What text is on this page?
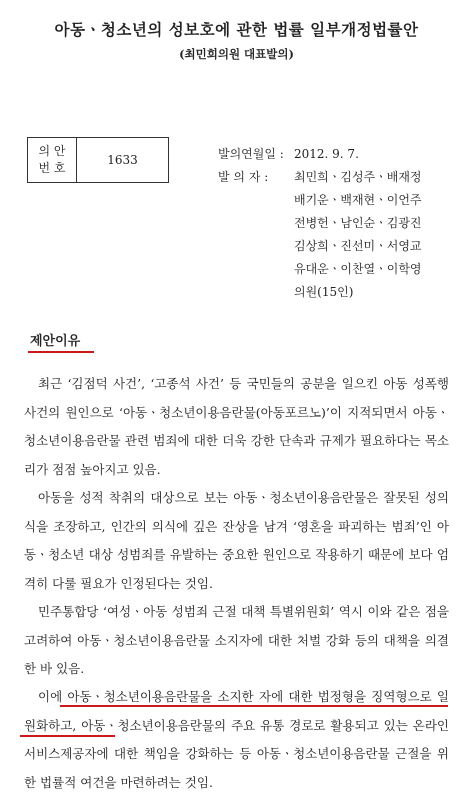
아동ㆍ청소년의 성보호에 관한 법률 일부개정법률안
(최민희의원 대표발의)
의 안
번 호
1633	발의연월일 : 2012. 9. 7.
발 의 자 :	최민희ㆍ김성주ㆍ배재정
배기운ㆍ백재현ㆍ이언주
전병헌ㆍ남인순ㆍ김광진
김상희ㆍ진선미ㆍ서영교
유대운ㆍ이찬열ㆍ이학영
의원(15인)
제안이유
최근 ‘김점덕 사건’, ‘고종석 사건’ 등 국민들의 공분을 일으킨 아동 성폭행 사건의 원인으로 ‘아동ㆍ청소년이용음란물(아동포르노)’이 지적되면서 아동ㆍ청소년이용음란물 관련 범죄에 대한 더욱 강한 단속과 규제가 필요하다는 목소리가 점점 높아지고 있음.
아동을 성적 착취의 대상으로 보는 아동ㆍ청소년이용음란물은 잘못된 성의식을 조장하고, 인간의 의식에 깊은 잔상을 남겨 ‘영혼을 파괴하는 범죄’인 아동ㆍ청소년 대상 성범죄를 유발하는 중요한 원인으로 작용하기 때문에 보다 엄격히 다룰 필요가 인정된다는 것임.
민주통합당 ‘여성ㆍ아동 성범죄 근절 대책 특별위원회’ 역시 이와 같은 점을 고려하여 아동ㆍ청소년이용음란물 소지자에 대한 처벌 강화 등의 대책을 의결한 바 있음.
이에 아동ㆍ청소년이용음란물을 소지한 자에 대한 법정형을 징역형으로 일원화하고, 아동ㆍ청소년이용음란물의 주요 유통 경로로 활용되고 있는 온라인서비스제공자에 대한 책임을 강화하는 등 아동ㆍ청소년이용음란물 근절을 위한 법률적 여건을 마련하려는 것임.
